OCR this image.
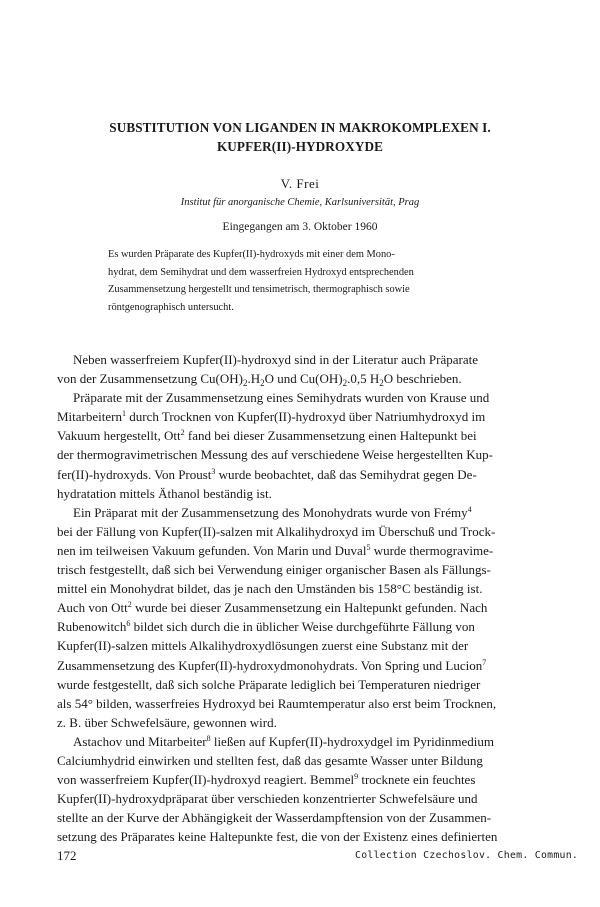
SUBSTITUTION VON LIGANDEN IN MAKROKOMPLEXEN I.
KUPFER(II)-HYDROXYDE
V. Frei
Institut für anorganische Chemie, Karlsuniversität, Prag
Eingegangen am 3. Oktober 1960
Es wurden Präparate des Kupfer(II)-hydroxyds mit einer dem Mono-
hydrat, dem Semihydrat und dem wasserfreien Hydroxyd entsprechenden
Zusammensetzung hergestellt und tensimetrisch, thermographisch sowie
röntgenographisch untersucht.
Neben wasserfreiem Kupfer(II)-hydroxyd sind in der Literatur auch Präparate
von der Zusammensetzung $Cu(OH)_2.H_2O$ und $Cu(OH)_2.0,5$ $H_2O$ beschrieben.
Präparate mit der Zusammensetzung eines Semihydrats wurden von Krause und
Mitarbeitern$^1$ durch Trocknen von Kupfer(II)-hydroxyd über Natriumhydroxyd im
Vakuum hergestellt, Ott$^2$ fand bei dieser Zusammensetzung einen Haltepunkt bei
der thermogravimetrischen Messung des auf verschiedene Weise hergestellten Kup-
fer(II)-hydroxyds. Von Proust$^3$ wurde beobachtet, daß das Semihydrat gegen De-
hydratation mittels Äthanol beständig ist.
Ein Präparat mit der Zusammensetzung des Monohydrats wurde von Frémy$^4$
bei der Fällung von Kupfer(II)-salzen mit Alkalihydroxyd im Überschuß und Trock-
nen im teilweisen Vakuum gefunden. Von Marin und Duval$^5$ wurde thermogravime-
trisch festgestellt, daß sich bei Verwendung einiger organischer Basen als Fällungs-
mittel ein Monohydrat bildet, das je nach den Umständen bis 158°C beständig ist.
Auch von Ott$^2$ wurde bei dieser Zusammensetzung ein Haltepunkt gefunden. Nach
Rubenowitch$^6$ bildet sich durch die in üblicher Weise durchgeführte Fällung von
Kupfer(II)-salzen mittels Alkalihydroxydlösungen zuerst eine Substanz mit der
Zusammensetzung des Kupfer(II)-hydroxydmonohydrats. Von Spring und Lucion$^7$
wurde festgestellt, daß sich solche Präparate lediglich bei Temperaturen niedriger
als 54° bilden, wasserfreies Hydroxyd bei Raumtemperatur also erst beim Trocknen,
z. B. über Schwefelsäure, gewonnen wird.
Astachov und Mitarbeiter$^8$ ließen auf Kupfer(II)-hydroxydgel im Pyridinmedium
Calciumhydrid einwirken und stellten fest, daß das gesamte Wasser unter Bildung
von wasserfreiem Kupfer(II)-hydroxyd reagiert. Bemmel$^9$ trocknete ein feuchtes
Kupfer(II)-hydroxydpräparat über verschieden konzentrierter Schwefelsäure und
stellte an der Kurve der Abhängigkeit der Wasserdampftension von der Zusammen-
setzung des Präparates keine Haltepunkte fest, die von der Existenz eines definierten
172	Collection Czechoslov. Chem. Commun.
